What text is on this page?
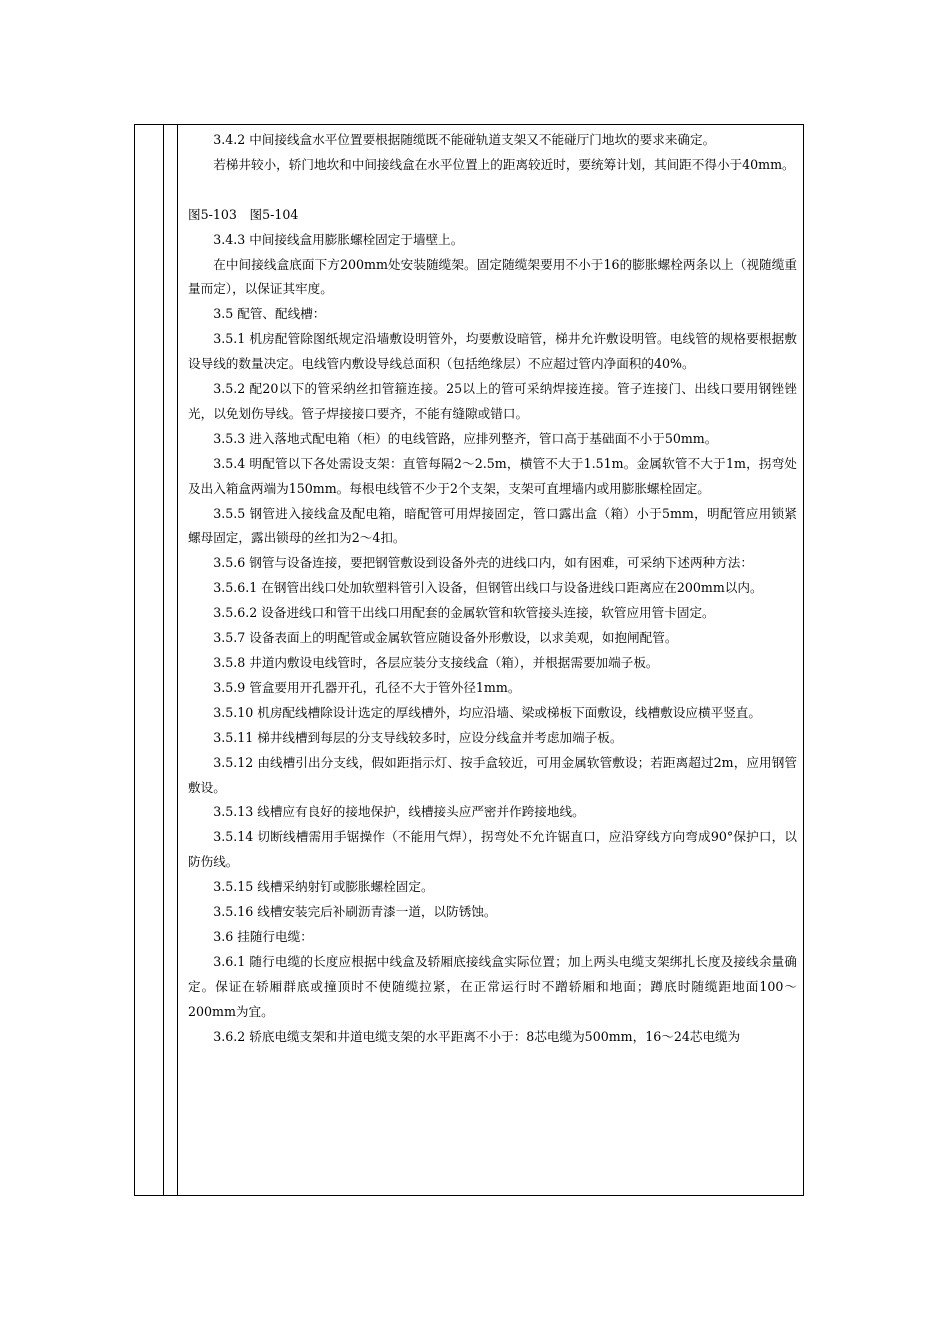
3.4.2 中间接线盒水平位置要根据随缆既不能碰轨道支架又不能碰厅门地坎的要求来确定。

若梯井较小，轿门地坎和中间接线盒在水平位置上的距离较近时，要统筹计划，其间距不得小于40mm。

图5-103　图5-104

3.4.3 中间接线盒用膨胀螺栓固定于墙壁上。

在中间接线盒底面下方200mm处安装随缆架。固定随缆架要用不小于16的膨胀螺栓两条以上（视随缆重量而定），以保证其牢度。

3.5 配管、配线槽：

3.5.1 机房配管除图纸规定沿墙敷设明管外，均要敷设暗管，梯井允许敷设明管。电线管的规格要根据敷设导线的数量决定。电线管内敷设导线总面积（包括绝缘层）不应超过管内净面积的40%。

3.5.2 配20以下的管采纳丝扣管箍连接。25以上的管可采纳焊接连接。管子连接门、出线口要用钢锉锉光，以免划伤导线。管子焊接接口要齐，不能有缝隙或错口。

3.5.3 进入落地式配电箱（柜）的电线管路，应排列整齐，管口高于基础面不小于50mm。

3.5.4 明配管以下各处需设支架：直管每隔2～2.5m，横管不大于1.51m。金属软管不大于1m，拐弯处及出入箱盒两端为150mm。每根电线管不少于2个支架，支架可直埋墙内或用膨胀螺栓固定。

3.5.5 钢管进入接线盒及配电箱，暗配管可用焊接固定，管口露出盒（箱）小于5mm，明配管应用锁紧螺母固定，露出锁母的丝扣为2～4扣。

3.5.6 钢管与设备连接，要把钢管敷设到设备外壳的进线口内，如有困难，可采纳下述两种方法：

3.5.6.1 在钢管出线口处加软塑料管引入设备，但钢管出线口与设备进线口距离应在200mm以内。

3.5.6.2 设备进线口和管干出线口用配套的金属软管和软管接头连接，软管应用管卡固定。

3.5.7 设备表面上的明配管或金属软管应随设备外形敷设，以求美观，如抱闸配管。

3.5.8 井道内敷设电线管时，各层应装分支接线盒（箱），并根据需要加端子板。

3.5.9 管盒要用开孔器开孔，孔径不大于管外径1mm。

3.5.10 机房配线槽除设计选定的厚线槽外，均应沿墙、梁或梯板下面敷设，线槽敷设应横平竖直。

3.5.11 梯井线槽到每层的分支导线较多时，应设分线盒并考虑加端子板。

3.5.12 由线槽引出分支线，假如距指示灯、按手盒较近，可用金属软管敷设；若距离超过2m，应用钢管敷设。

3.5.13 线槽应有良好的接地保护，线槽接头应严密并作跨接地线。

3.5.14 切断线槽需用手锯操作（不能用气焊），拐弯处不允许锯直口，应沿穿线方向弯成90°保护口，以防伤线。

3.5.15 线槽采纳射钉或膨胀螺栓固定。

3.5.16 线槽安装完后补刷沥青漆一道，以防锈蚀。

3.6 挂随行电缆：

3.6.1 随行电缆的长度应根据中线盒及轿厢底接线盒实际位置；加上两头电缆支架绑扎长度及接线余量确定。保证在轿厢群底或撞顶时不使随缆拉紧，在正常运行时不蹭轿厢和地面；蹲底时随缆距地面100～200mm为宜。

3.6.2 轿底电缆支架和井道电缆支架的水平距离不小于：8芯电缆为500mm，16～24芯电缆为
